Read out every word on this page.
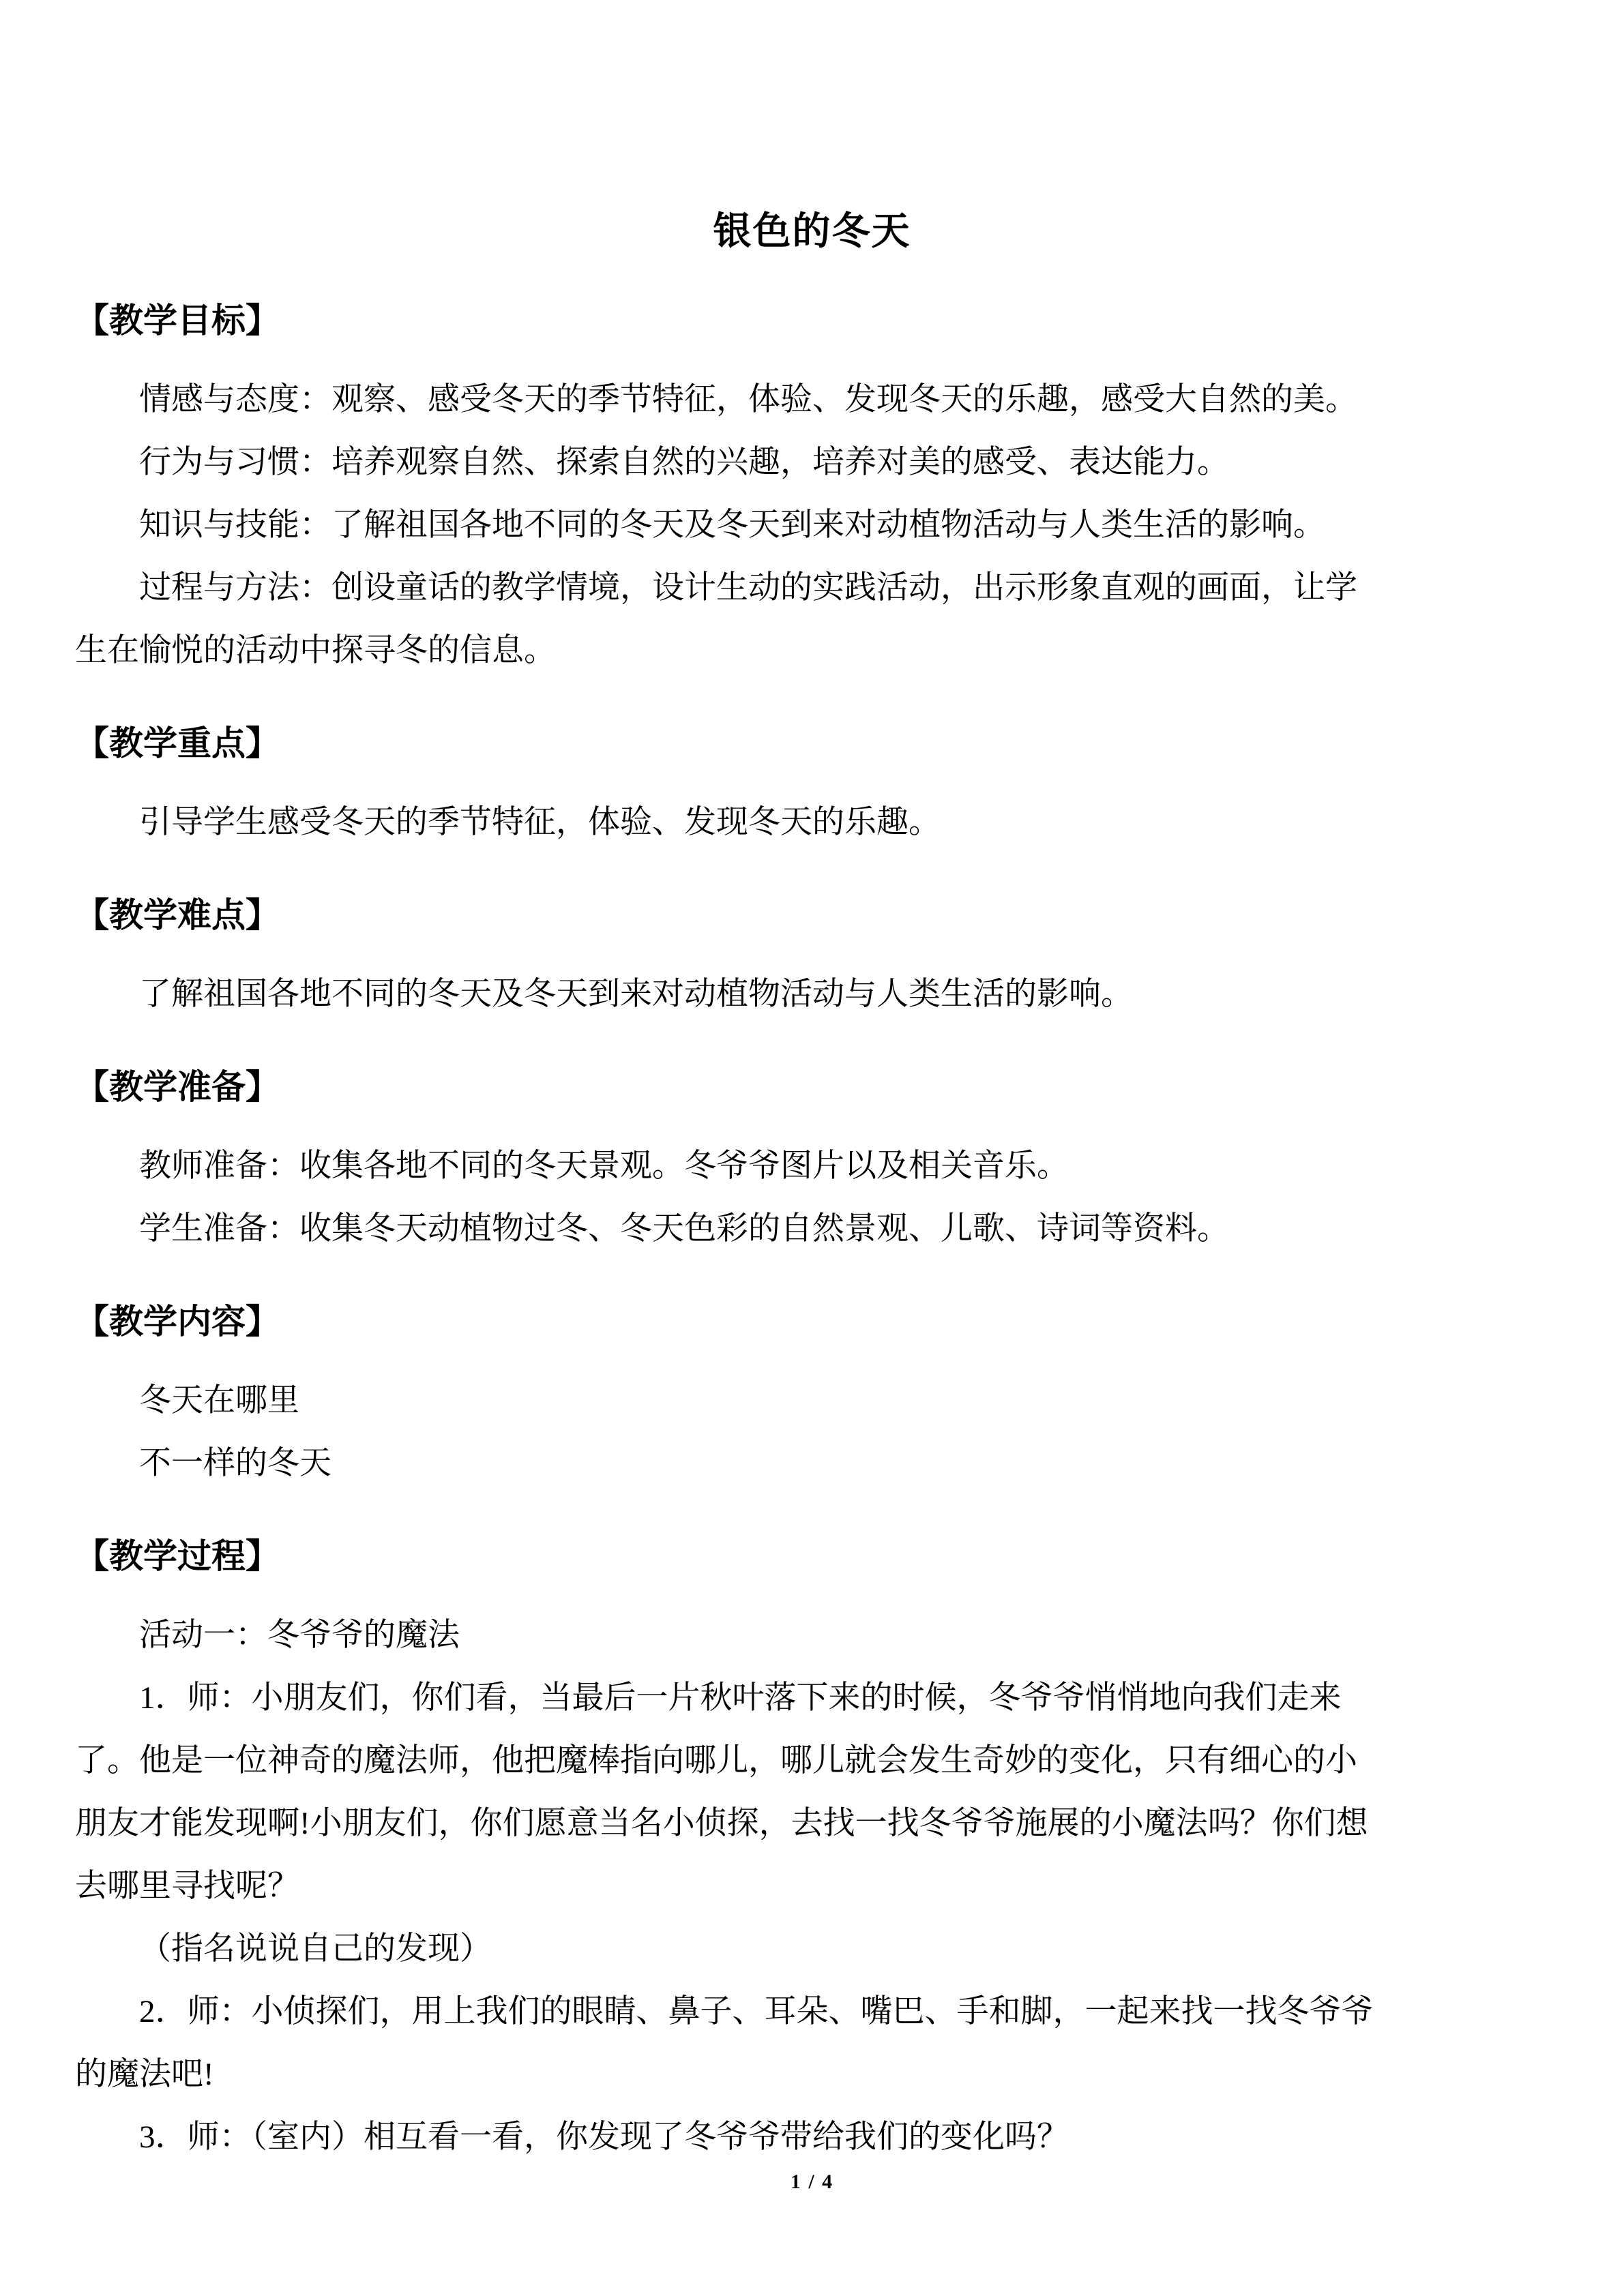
银色的冬天
【教学目标】
情感与态度：观察、感受冬天的季节特征，体验、发现冬天的乐趣，感受大自然的美。
行为与习惯：培养观察自然、探索自然的兴趣，培养对美的感受、表达能力。
知识与技能：了解祖国各地不同的冬天及冬天到来对动植物活动与人类生活的影响。
过程与方法：创设童话的教学情境，设计生动的实践活动，出示形象直观的画面，让学
生在愉悦的活动中探寻冬的信息。
【教学重点】
引导学生感受冬天的季节特征，体验、发现冬天的乐趣。
【教学难点】
了解祖国各地不同的冬天及冬天到来对动植物活动与人类生活的影响。
【教学准备】
教师准备：收集各地不同的冬天景观。冬爷爷图片以及相关音乐。
学生准备：收集冬天动植物过冬、冬天色彩的自然景观、儿歌、诗词等资料。
【教学内容】
冬天在哪里
不一样的冬天
【教学过程】
活动一：冬爷爷的魔法
1．师：小朋友们，你们看，当最后一片秋叶落下来的时候，冬爷爷悄悄地向我们走来
了。他是一位神奇的魔法师，他把魔棒指向哪儿，哪儿就会发生奇妙的变化，只有细心的小
朋友才能发现啊!小朋友们，你们愿意当名小侦探，去找一找冬爷爷施展的小魔法吗？你们想
去哪里寻找呢？
（指名说说自己的发现）
2．师：小侦探们，用上我们的眼睛、鼻子、耳朵、嘴巴、手和脚，一起来找一找冬爷爷
的魔法吧!
3．师：（室内）相互看一看，你发现了冬爷爷带给我们的变化吗？
1 / 4
